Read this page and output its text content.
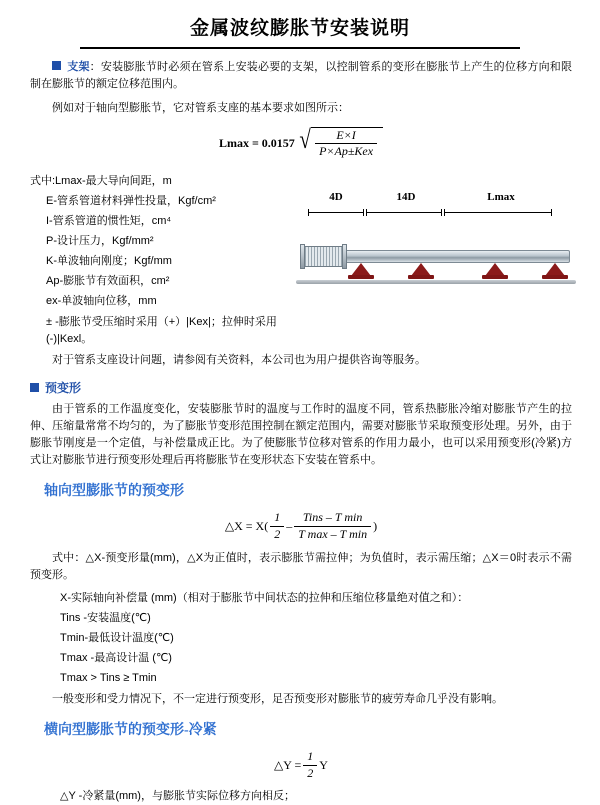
金属波纹膨胀节安装说明

支架：安装膨胀节时必须在管系上安装必要的支架，以控制管系的变形在膨胀节上产生的位移方向和限制在膨胀节的额定位移范围内。

例如对于轴向型膨胀节，它对管系支座的基本要求如图所示：

Lmax = 0.0157 √ $\frac{E\times I}{\text{P×Ap±Kex}}$
式中:Lmax-最大导向间距，m
E-管系管道材料弹性投量，Kgf/cm²
I-管系管道的惯性矩，cm⁴
P-设计压力，Kgf/mm²
K-单波轴向刚度；Kgf/mm
Ap-膨胀节有效面积，cm²
ex-单波轴向位移，mm
± -膨胀节受压缩时采用（+）|Kex|；拉伸时采用(-)|Kexl。
4D	14D	Lmax

对于管系支座设计问题，请参阅有关资料，本公司也为用户提供咨询等服务。

预变形

由于管系的工作温度变化，安装膨胀节时的温度与工作时的温度不同，管系热膨胀冷缩对膨胀节产生的拉伸、压缩量常常不均匀的，为了膨胀节变形范围控制在额定范围内，需要对膨胀节采取预变形处理。另外，由于膨胀节刚度是一个定值，与补偿量成正比。为了使膨胀节位移对管系的作用力最小，也可以采用预变形(冷紧)方式让对膨胀节进行预变形处理后再将膨胀节在变形状态下安装在管系中。

轴向型膨胀节的预变形
△X = $X( \frac{1}{2} - \frac{\text{Tins – T min}}{\text{T max – T min}}$ )

式中：△X-预变形量(mm)，△X为正值时，表示膨胀节需拉伸；为负值时，表示需压缩；△X＝0时表示不需预变形。

X-实际轴向补偿量 (mm)（相对于膨胀节中间状态的拉伸和压缩位移量绝对值之和）：
Tins -安装温度(℃)
Tmin-最低设计温度(℃)
Tmax -最高设计温 (℃)
Tmax > Tins ≥ Tmin

一般变形和受力情况下，不一定进行预变形，足否预变形对膨胀节的疲劳寿命几乎没有影响。

横向型膨胀节的预变形-冷紧
△Y = $\frac{1}{2}$ Y
△Y -冷紧量(mm)，与膨胀节实际位移方向相反；
